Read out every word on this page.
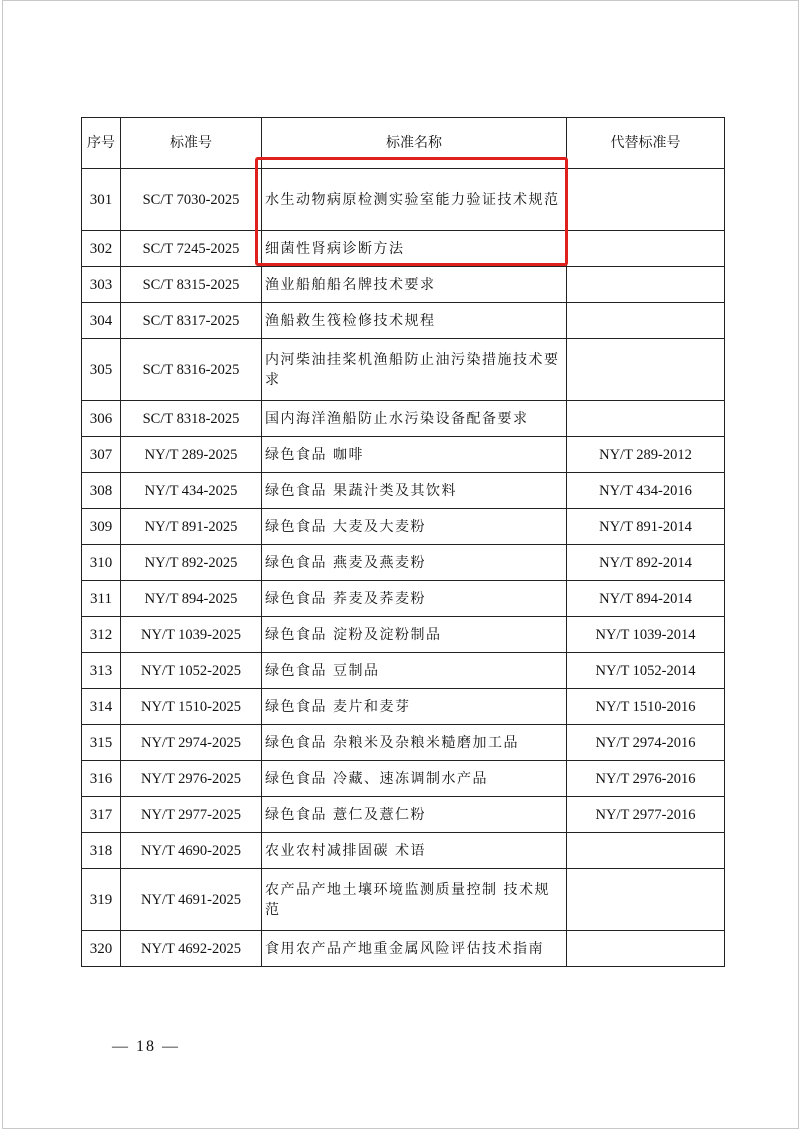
序号	标准号	标准名称	代替标准号
301	SC/T 7030-2025	水生动物病原检测实验室能力验证技术规范	
302	SC/T 7245-2025	细菌性肾病诊断方法	
303	SC/T 8315-2025	渔业船舶船名牌技术要求	
304	SC/T 8317-2025	渔船救生筏检修技术规程	
305	SC/T 8316-2025	内河柴油挂桨机渔船防止油污染措施技术要求	
306	SC/T 8318-2025	国内海洋渔船防止水污染设备配备要求	
307	NY/T 289-2025	绿色食品 咖啡	NY/T 289-2012
308	NY/T 434-2025	绿色食品 果蔬汁类及其饮料	NY/T 434-2016
309	NY/T 891-2025	绿色食品 大麦及大麦粉	NY/T 891-2014
310	NY/T 892-2025	绿色食品 燕麦及燕麦粉	NY/T 892-2014
311	NY/T 894-2025	绿色食品 荞麦及荞麦粉	NY/T 894-2014
312	NY/T 1039-2025	绿色食品 淀粉及淀粉制品	NY/T 1039-2014
313	NY/T 1052-2025	绿色食品 豆制品	NY/T 1052-2014
314	NY/T 1510-2025	绿色食品 麦片和麦芽	NY/T 1510-2016
315	NY/T 2974-2025	绿色食品 杂粮米及杂粮米糙磨加工品	NY/T 2974-2016
316	NY/T 2976-2025	绿色食品 冷藏、速冻调制水产品	NY/T 2976-2016
317	NY/T 2977-2025	绿色食品 薏仁及薏仁粉	NY/T 2977-2016
318	NY/T 4690-2025	农业农村减排固碳 术语	
319	NY/T 4691-2025	农产品产地土壤环境监测质量控制 技术规范	
320	NY/T 4692-2025	食用农产品产地重金属风险评估技术指南	
— 18 —
